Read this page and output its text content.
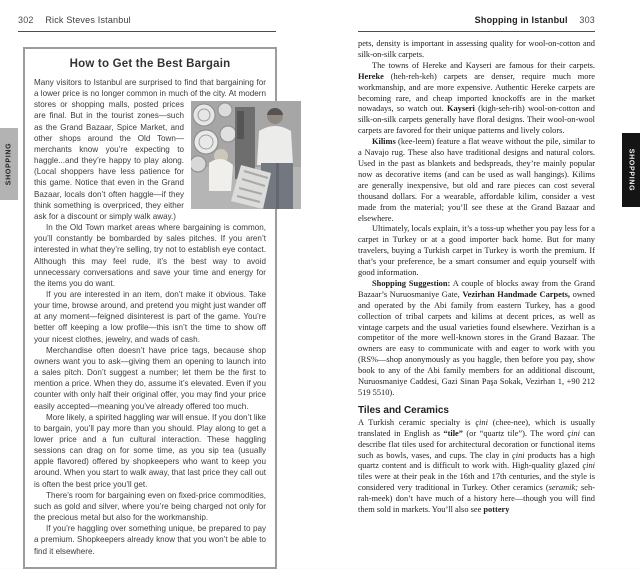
302 Rick Steves Istanbul
How to Get the Best Bargain

Many visitors to Istanbul are surprised to find that bargaining for a lower price is no longer common in much of the city. At
modern stores or shopping malls, posted prices are final. But in the tourist zones—such as the Grand Bazaar, Spice Market, and other shops around the Old Town—merchants know you’re expecting to haggle...and they’re happy to play along. (Local shoppers have less patience for this game. Notice that even in the Grand Bazaar, locals don’t often haggle—if they think something is overpriced, they either ask for a discount or simply walk away.)

In the Old Town market areas where bargaining is common, you’ll constantly be bombarded by sales pitches. If you aren’t interested in what they’re selling, try not to establish eye contact. Although this may feel rude, it’s the best way to avoid unnecessary conversations and save your time and energy for the items you do want.

If you are interested in an item, don’t make it obvious. Take your time, browse around, and pretend you might just wander off at any moment—feigned disinterest is part of the game. You’re better off keeping a low profile—this isn’t the time to show off your nicest clothes, jewelry, and wads of cash.

Merchandise often doesn’t have price tags, because shop owners want you to ask—giving them an opening to launch into a sales pitch. Don’t suggest a number; let them be the first to mention a price. When they do, assume it’s elevated. Even if you counter with only half their original offer, you may find your price easily accepted—meaning you’ve already offered too much.

More likely, a spirited haggling war will ensue. If you don’t like to bargain, you’ll pay more than you should. Play along to get a lower price and a fun cultural interaction. These haggling sessions can drag on for some time, as you sip tea (usually apple flavored) offered by shopkeepers who want to keep you around. When you start to walk away, that last price they call out is often the best price you’ll get.

There’s room for bargaining even on fixed-price commodities, such as gold and silver, where you’re being charged not only for the precious metal but also for the workmanship.

If you’re haggling over something unique, be prepared to pay a premium. Shopkeepers already know that you won’t be able to find it elsewhere.

SHOPPING
Shopping in Istanbul 303

pets, density is important in assessing quality for wool-on-cotton and silk-on-silk carpets.

The towns of Hereke and Kayseri are famous for their carpets. Hereke (heh-reh-keh) carpets are denser, require much more workmanship, and are more expensive. Authentic Hereke carpets are becoming rare, and cheap imported knockoffs are in the market nowadays, so watch out. Kayseri (kigh-seh-rih) wool-on-cotton and silk-on-silk carpets generally have floral designs. Their wool-on-wool carpets are favored for their unique patterns and lively colors.

Kilims (kee-leem) feature a flat weave without the pile, similar to a Navajo rug. These also have traditional designs and natural colors. Used in the past as blankets and bedspreads, they’re mainly popular now as decorative items (and can be used as wall hangings). Kilims are generally inexpensive, but old and rare pieces can cost several thousand dollars. For a wearable, affordable kilim, consider a vest made from the material; you’ll see these at the Grand Bazaar and elsewhere.

Ultimately, locals explain, it’s a toss-up whether you pay less for a carpet in Turkey or at a good importer back home. But for many travelers, buying a Turkish carpet in Turkey is worth the premium. If that’s your preference, be a smart consumer and equip yourself with good information.

Shopping Suggestion: A couple of blocks away from the Grand Bazaar’s Nuruosmaniye Gate, Vezirhan Handmade Carpets, owned and operated by the Abi family from eastern Turkey, has a good collection of tribal carpets and kilims at decent prices, as well as vintage carpets and the usual varieties found elsewhere. Vezirhan is a competitor of the more well-known stores in the Grand Bazaar. The owners are easy to communicate with and eager to work with you (RS%—shop anonymously as you haggle, then before you pay, show book to any of the Abi family members for an additional discount, Nuruosmaniye Caddesi, Gazi Sinan Paşa Sokak, Vezirhan 1, +90 212 519 5510).

Tiles and Ceramics

A Turkish ceramic specialty is çini (chee-nee), which is usually translated in English as “tile” (or “quartz tile”). The word çini can describe flat tiles used for architectural decoration or functional items such as bowls, vases, and cups. The clay in çini products has a high quartz content and is difficult to work with. High-quality glazed çini tiles were at their peak in the 16th and 17th centuries, and the style is considered very traditional in Turkey. Other ceramics (seramik; seh-rah-meek) don’t have much of a history here—though you will find them sold in markets. You’ll also see pottery

SHOPPING
